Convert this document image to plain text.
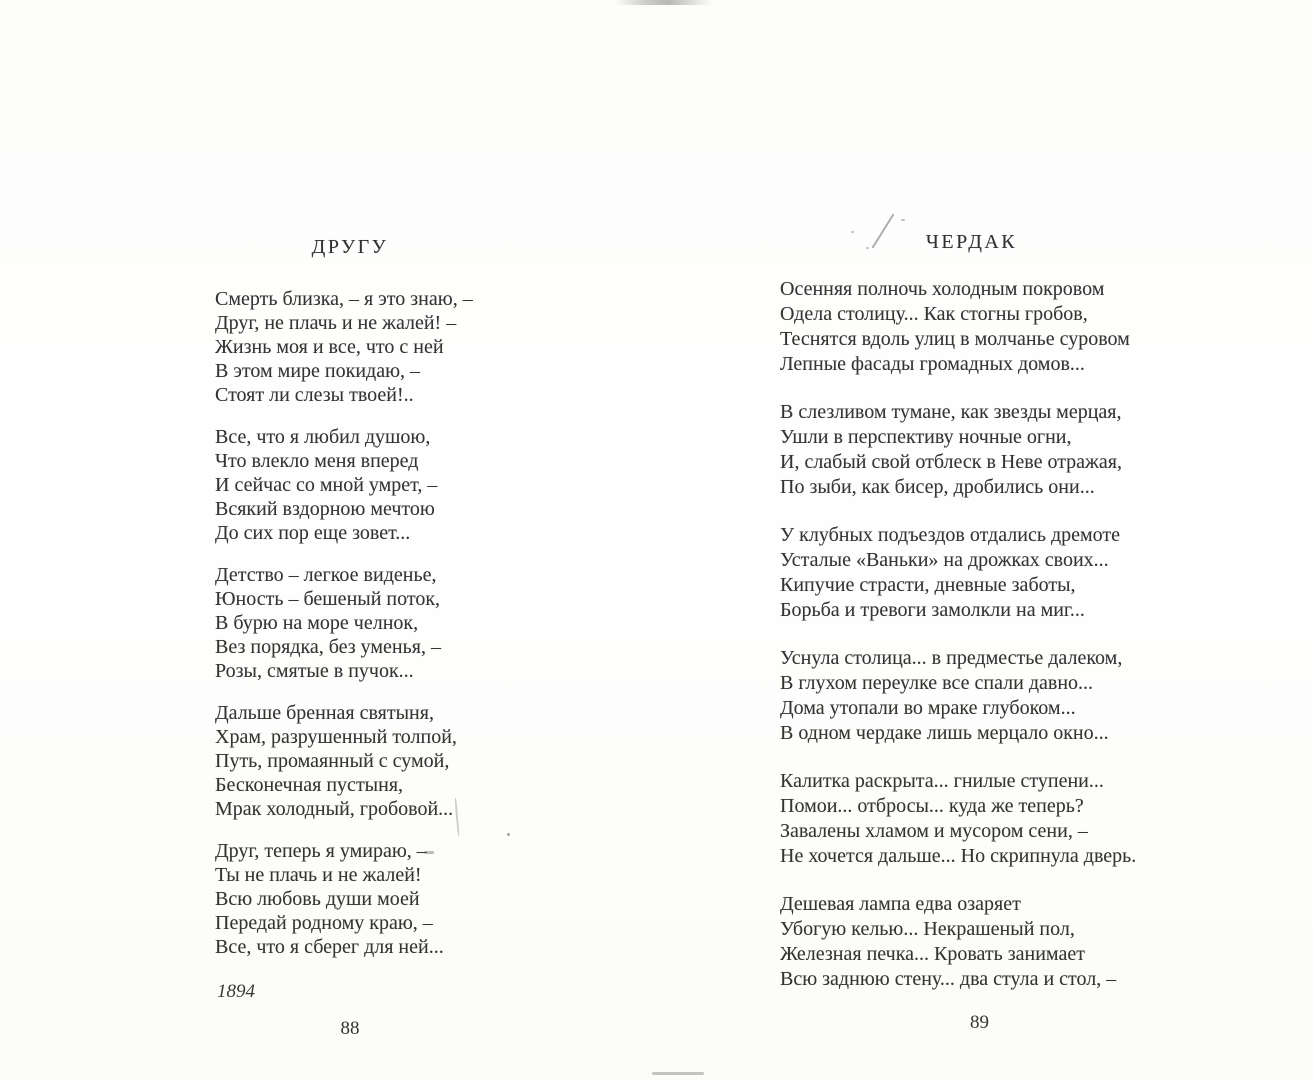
ДРУГУ
Смерть близка, – я это знаю, –
Друг, не плачь и не жалей! –
Жизнь моя и все, что с ней
В этом мире покидаю, –
Стоят ли слезы твоей!..
Все, что я любил душою,
Что влекло меня вперед
И сейчас со мной умрет, –
Всякий вздорною мечтою
До сих пор еще зовет...
Детство – легкое виденье,
Юность – бешеный поток,
В бурю на море челнок,
Вез порядка, без уменья, –
Розы, смятые в пучок...
Дальше бренная святыня,
Храм, разрушенный толпой,
Путь, промаянный с сумой,
Бесконечная пустыня,
Мрак холодный, гробовой...
Друг, теперь я умираю, –
Ты не плачь и не жалей!
Всю любовь души моей
Передай родному краю, –
Все, что я сберег для ней...
1894
88
ЧЕРДАК
Осенняя полночь холодным покровом
Одела столицу... Как стогны гробов,
Теснятся вдоль улиц в молчанье суровом
Лепные фасады громадных домов...
В слезливом тумане, как звезды мерцая,
Ушли в перспективу ночные огни,
И, слабый свой отблеск в Неве отражая,
По зыби, как бисер, дробились они...
У клубных подъездов отдались дремоте
Усталые «Ваньки» на дрожках своих...
Кипучие страсти, дневные заботы,
Борьба и тревоги замолкли на миг...
Уснула столица... в предместье далеком,
В глухом переулке все спали давно...
Дома утопали во мраке глубоком...
В одном чердаке лишь мерцало окно...
Калитка раскрыта... гнилые ступени...
Помои... отбросы... куда же теперь?
Завалены хламом и мусором сени, –
Не хочется дальше... Но скрипнула дверь.
Дешевая лампа едва озаряет
Убогую келью... Некрашеный пол,
Железная печка... Кровать занимает
Всю заднюю стену... два стула и стол, –
89
